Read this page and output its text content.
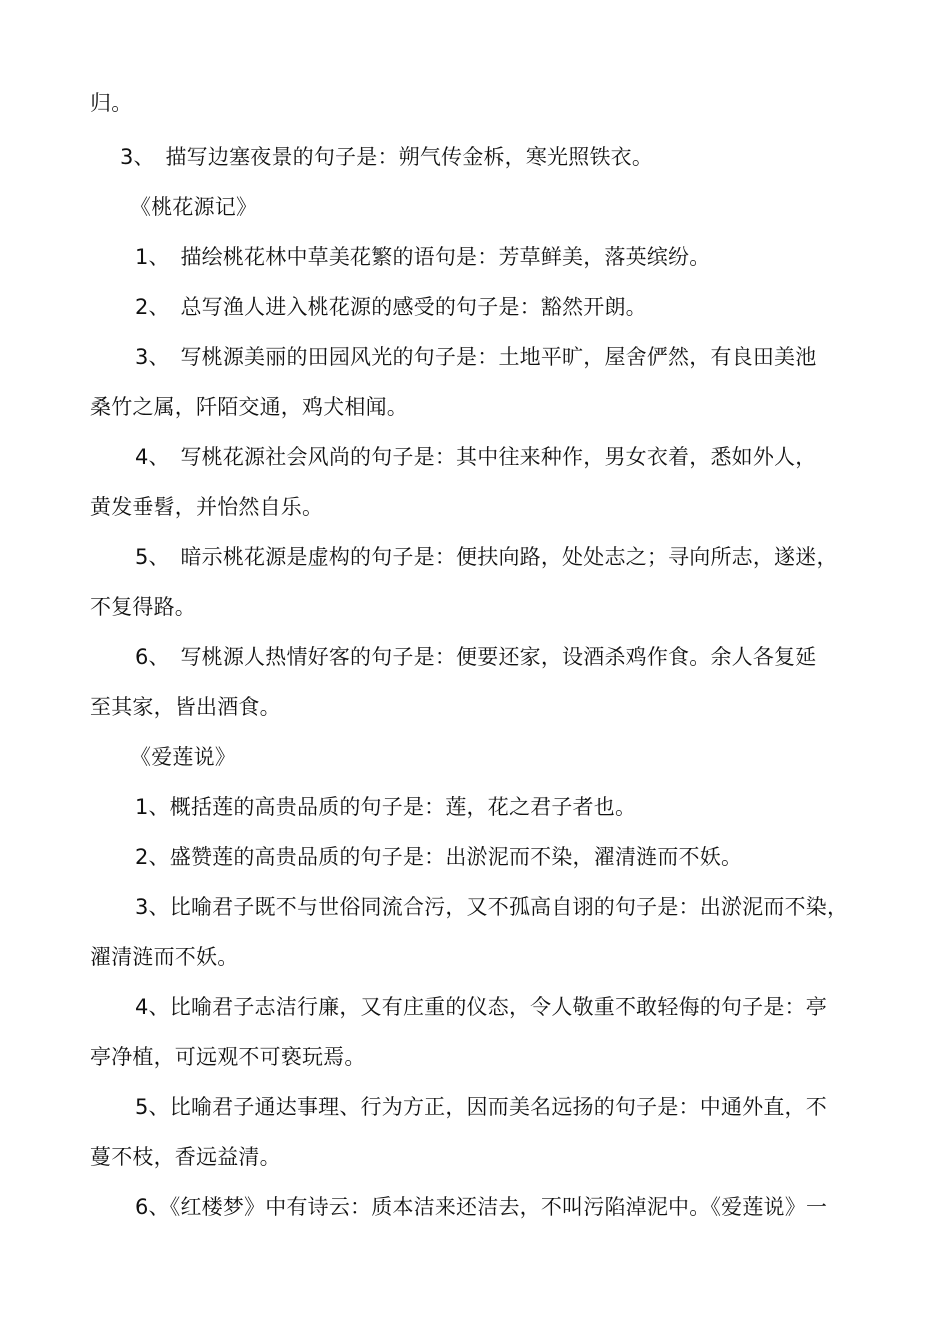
归。
3、　描写边塞夜景的句子是：朔气传金柝，寒光照铁衣。
《桃花源记》
1、　描绘桃花林中草美花繁的语句是：芳草鲜美，落英缤纷。
2、　总写渔人进入桃花源的感受的句子是：豁然开朗。
3、　写桃源美丽的田园风光的句子是：土地平旷，屋舍俨然，有良田美池
桑竹之属，阡陌交通，鸡犬相闻。
4、　写桃花源社会风尚的句子是：其中往来种作，男女衣着，悉如外人，
黄发垂髫，并怡然自乐。
5、　暗示桃花源是虚构的句子是：便扶向路，处处志之；寻向所志，遂迷，
不复得路。
6、　写桃源人热情好客的句子是：便要还家，设酒杀鸡作食。余人各复延
至其家，皆出酒食。
《爱莲说》
1、概括莲的高贵品质的句子是：莲，花之君子者也。
2、盛赞莲的高贵品质的句子是：出淤泥而不染，濯清涟而不妖。
3、比喻君子既不与世俗同流合污，又不孤高自诩的句子是：出淤泥而不染，
濯清涟而不妖。
4、比喻君子志洁行廉，又有庄重的仪态，令人敬重不敢轻侮的句子是：亭
亭净植，可远观不可亵玩焉。
5、比喻君子通达事理、行为方正，因而美名远扬的句子是：中通外直，不
蔓不枝，香远益清。
6、《红楼梦》中有诗云：质本洁来还洁去，不叫污陷淖泥中。《爱莲说》一
